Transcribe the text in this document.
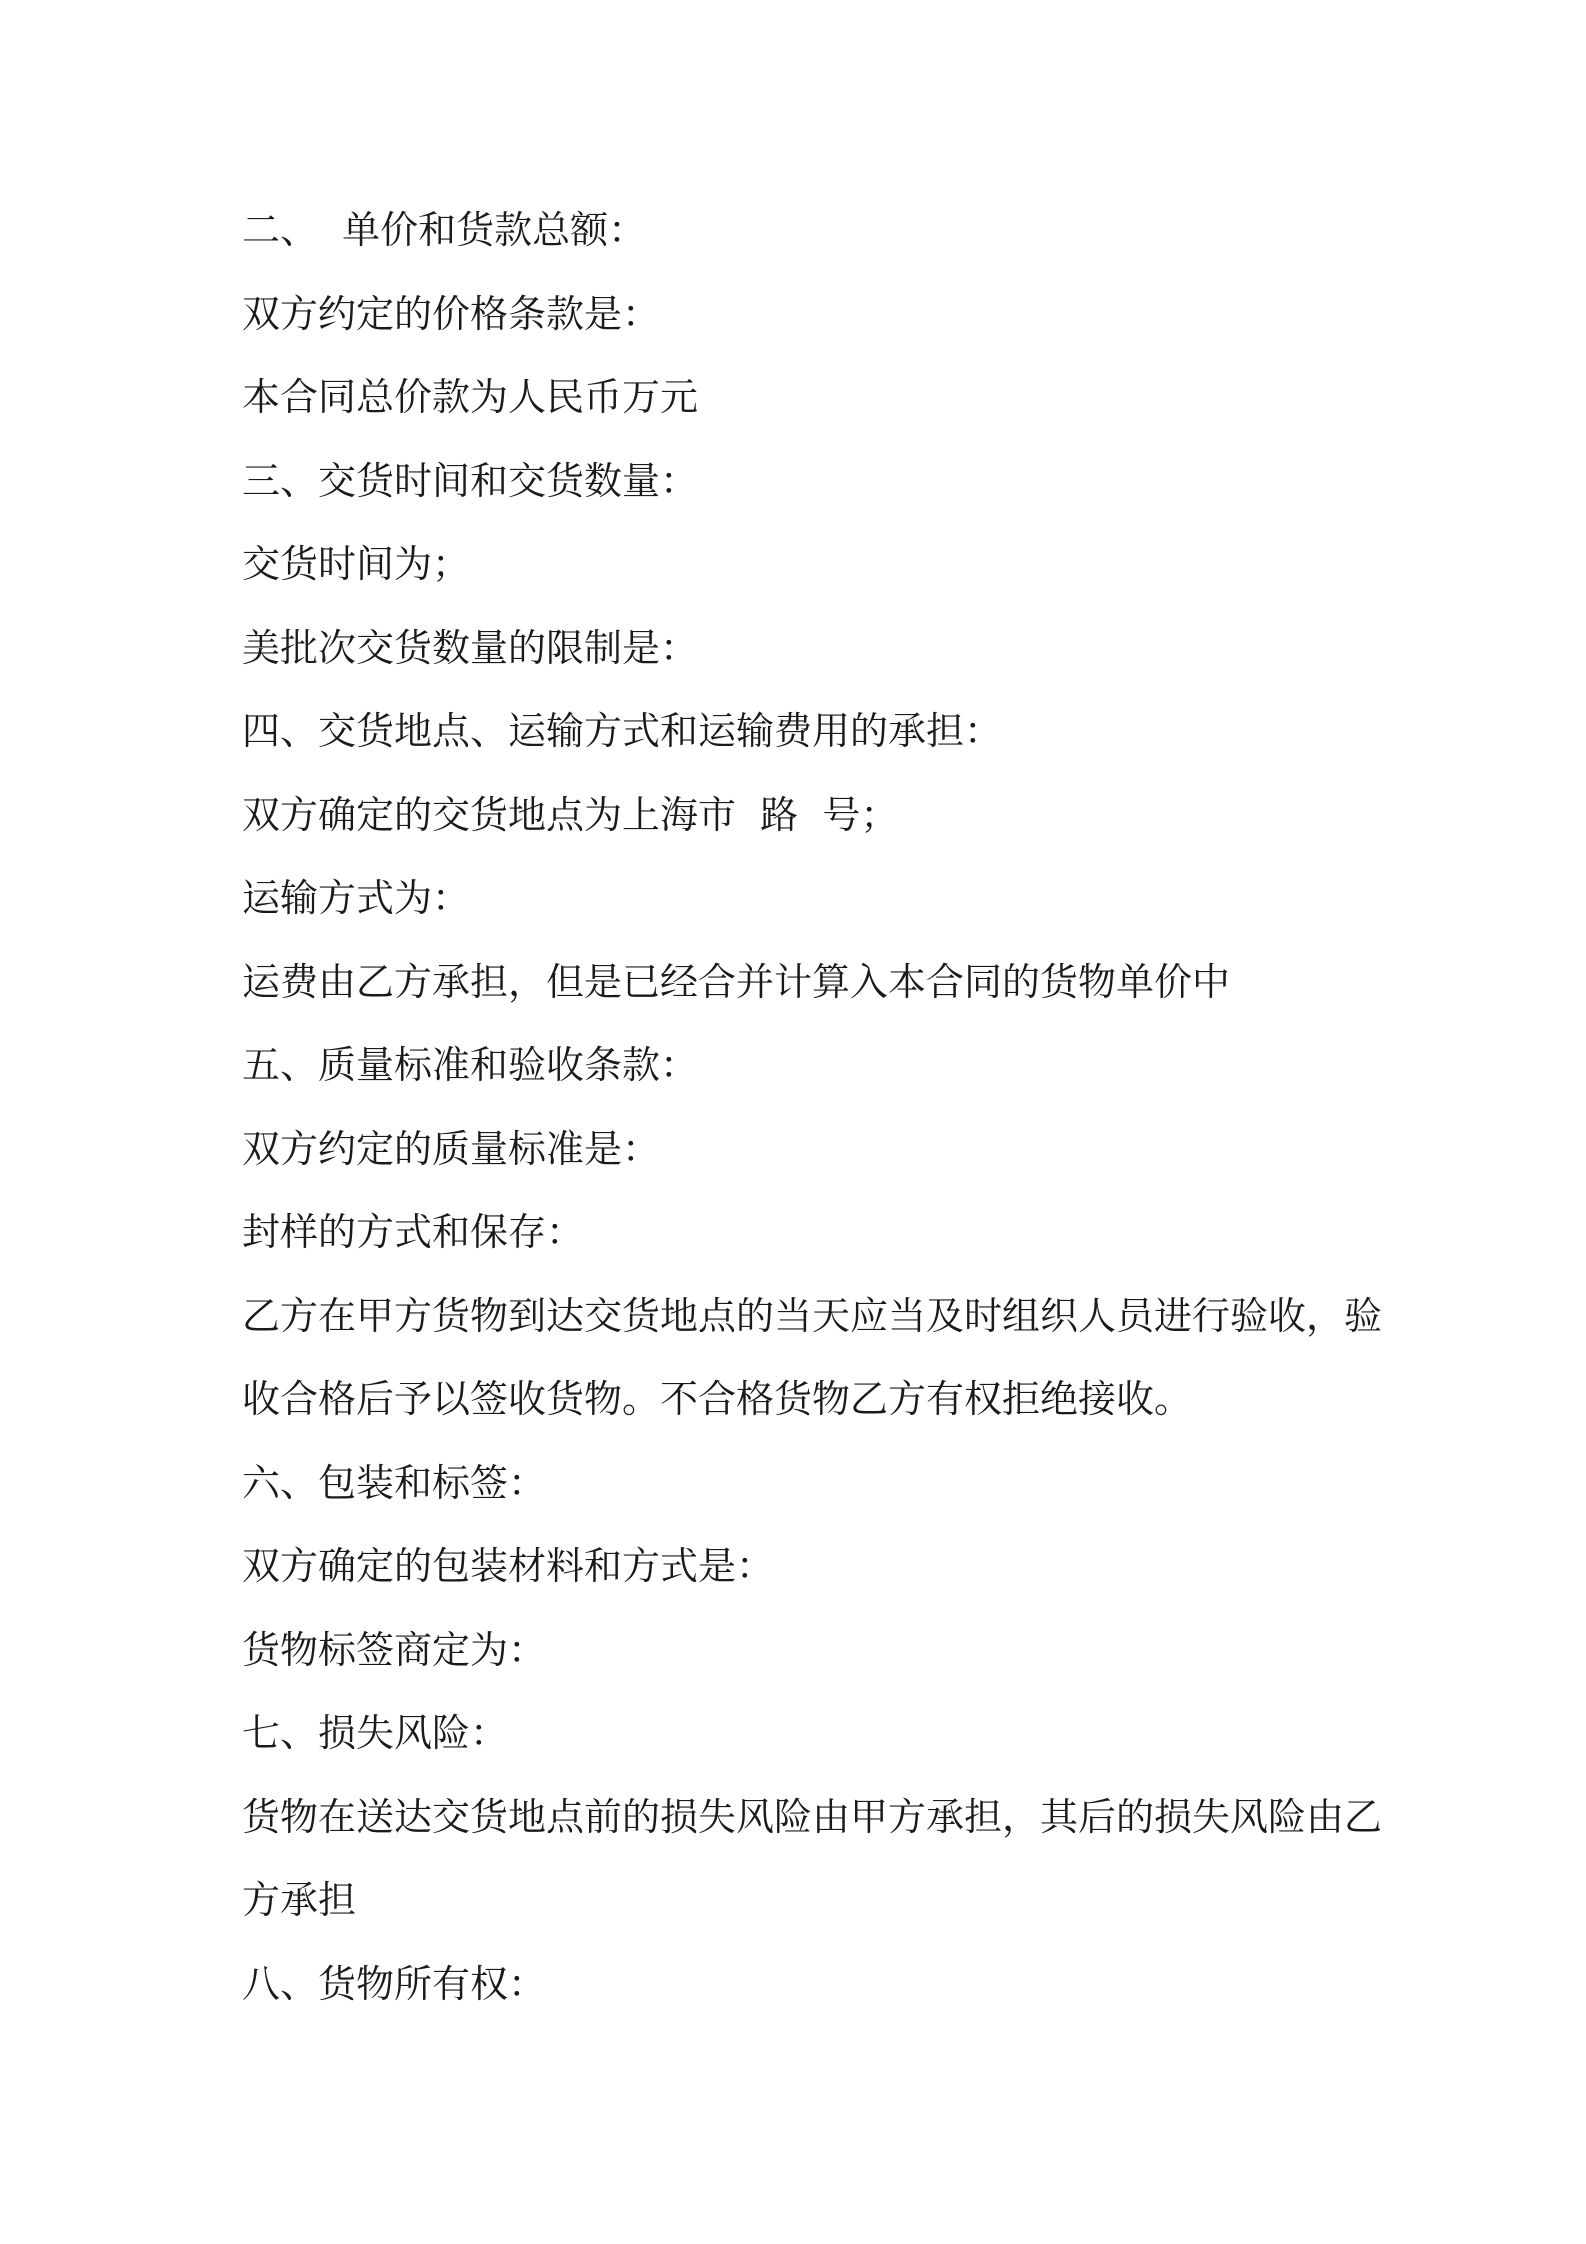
二、  单价和货款总额：
双方约定的价格条款是：
本合同总价款为人民币万元
三、交货时间和交货数量：
交货时间为；
美批次交货数量的限制是：
四、交货地点、运输方式和运输费用的承担：
双方确定的交货地点为上海市  路  号；
运输方式为：
运费由乙方承担，但是已经合并计算入本合同的货物单价中
五、质量标准和验收条款：
双方约定的质量标准是：
封样的方式和保存：
乙方在甲方货物到达交货地点的当天应当及时组织人员进行验收，验
收合格后予以签收货物。不合格货物乙方有权拒绝接收。
六、包装和标签：
双方确定的包装材料和方式是：
货物标签商定为：
七、损失风险：
货物在送达交货地点前的损失风险由甲方承担，其后的损失风险由乙
方承担
八、货物所有权：
